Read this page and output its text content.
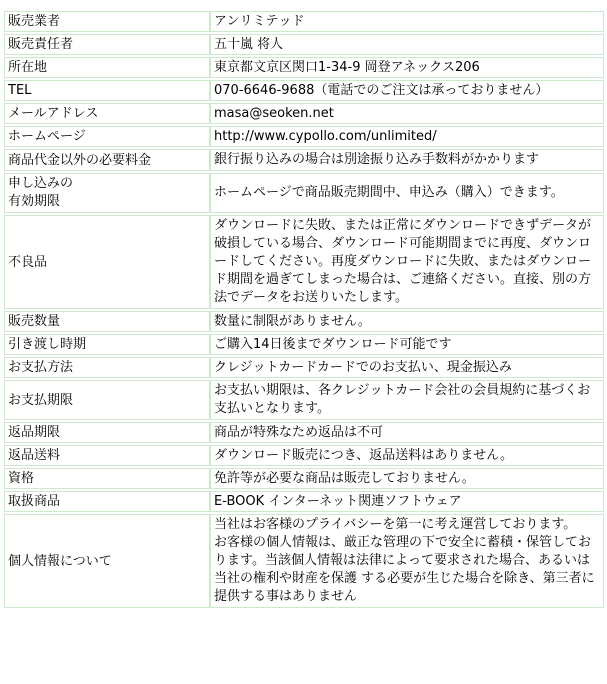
販売業者	アンリミテッド
販売責任者	五十嵐 将人
所在地	東京都文京区関口1-34-9 岡登アネックス206
TEL	070-6646-9688（電話でのご注文は承っておりません）
メールアドレス	masa@seoken.net
ホームページ	http://www.cypollo.com/unlimited/
商品代金以外の必要料金	銀行振り込みの場合は別途振り込み手数料がかかります
申し込みの
有効期限	ホームページで商品販売期間中、申込み（購入）できます。
不良品	ダウンロードに失敗、または正常にダウンロードできずデータが破損している場合、ダウンロード可能期間までに再度、ダウンロードしてください。再度ダウンロードに失敗、またはダウンロード期間を過ぎてしまった場合は、ご連絡ください。直接、別の方法でデータをお送りいたします。
販売数量	数量に制限がありません。
引き渡し時期	ご購入14日後までダウンロード可能です
お支払方法	クレジットカードカードでのお支払い、現金振込み
お支払期限	お支払い期限は、各クレジットカード会社の会員規約に基づくお支払いとなります。
返品期限	商品が特殊なため返品は不可
返品送料	ダウンロード販売につき、返品送料はありません。
資格	免許等が必要な商品は販売しておりません。
取扱商品	E-BOOK インターネット関連ソフトウェア
個人情報について	当社はお客様のプライバシーを第一に考え運営しております。
お客様の個人情報は、厳正な管理の下で安全に蓄積・保管しております。当該個人情報は法律によって要求された場合、あるいは当社の権利や財産を保護 する必要が生じた場合を除き、第三者に提供する事はありません
